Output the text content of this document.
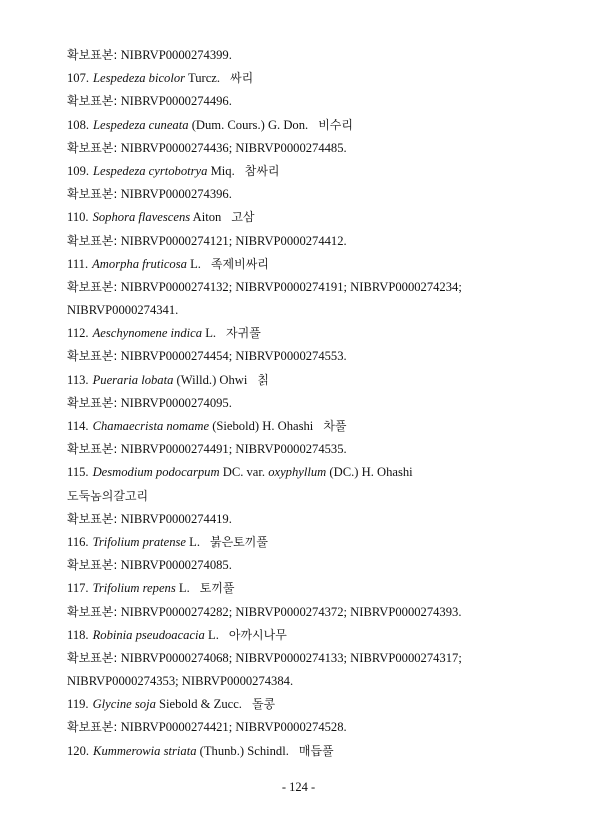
확보표본: NIBRVP0000274399.
107. Lespedeza bicolor Turcz. 싸리
확보표본: NIBRVP0000274496.
108. Lespedeza cuneata (Dum. Cours.) G. Don. 비수리
확보표본: NIBRVP0000274436; NIBRVP0000274485.
109. Lespedeza cyrtobotrya Miq. 참싸리
확보표본: NIBRVP0000274396.
110. Sophora flavescens Aiton 고삼
확보표본: NIBRVP0000274121; NIBRVP0000274412.
111. Amorpha fruticosa L. 족제비싸리
확보표본: NIBRVP0000274132; NIBRVP0000274191; NIBRVP0000274234;
NIBRVP0000274341.
112. Aeschynomene indica L. 자귀풀
확보표본: NIBRVP0000274454; NIBRVP0000274553.
113. Pueraria lobata (Willd.) Ohwi 칡
확보표본: NIBRVP0000274095.
114. Chamaecrista nomame (Siebold) H. Ohashi 차풀
확보표본: NIBRVP0000274491; NIBRVP0000274535.
115. Desmodium podocarpum DC. var. oxyphyllum (DC.) H. Ohashi
도둑놈의갈고리
확보표본: NIBRVP0000274419.
116. Trifolium pratense L. 붉은토끼풀
확보표본: NIBRVP0000274085.
117. Trifolium repens L. 토끼풀
확보표본: NIBRVP0000274282; NIBRVP0000274372; NIBRVP0000274393.
118. Robinia pseudoacacia L. 아까시나무
확보표본: NIBRVP0000274068; NIBRVP0000274133; NIBRVP0000274317;
NIBRVP0000274353; NIBRVP0000274384.
119. Glycine soja Siebold & Zucc. 돌콩
확보표본: NIBRVP0000274421; NIBRVP0000274528.
120. Kummerowia striata (Thunb.) Schindl. 매듭풀
- 124 -
